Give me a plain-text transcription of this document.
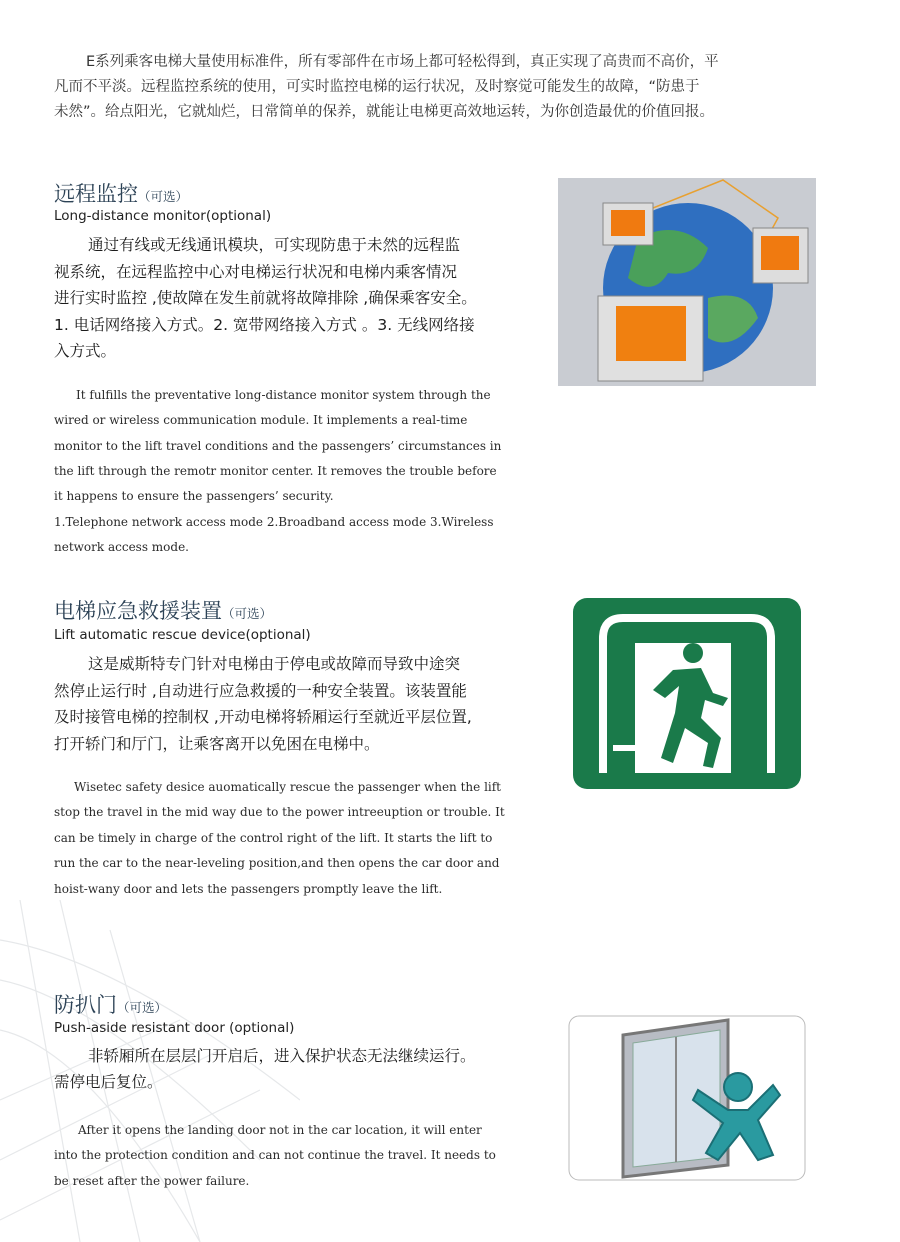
E系列乘客电梯大量使用标准件，所有零部件在市场上都可轻松得到，真正实现了高贵而不高价，平
凡而不平淡。远程监控系统的使用，可实时监控电梯的运行状况，及时察觉可能发生的故障，“防患于
未然”。给点阳光，它就灿烂，日常简单的保养，就能让电梯更高效地运转，为你创造最优的价值回报。
远程监控（可选）
Long-distance monitor(optional)
通过有线或无线通讯模块，可实现防患于未然的远程监
视系统，在远程监控中心对电梯运行状况和电梯内乘客情况
进行实时监控 ,使故障在发生前就将故障排除 ,确保乘客安全。
1. 电话网络接入方式。2. 宽带网络接入方式 。3. 无线网络接
入方式。
It fulfills the preventative long-distance monitor system through the
wired or wireless communication module. It implements a real-time
monitor to the lift travel conditions and the passengers’ circumstances in
the lift through the remotr monitor center. It removes the trouble before
it happens to ensure the passengers’ security.
1.Telephone network access mode 2.Broadband access mode 3.Wireless
network access mode.
电梯应急救援装置（可选）
Lift automatic rescue device(optional)
这是威斯特专门针对电梯由于停电或故障而导致中途突
然停止运行时 ,自动进行应急救援的一种安全装置。该装置能
及时接管电梯的控制权 ,开动电梯将轿厢运行至就近平层位置,
打开轿门和厅门，让乘客离开以免困在电梯中。
Wisetec safety desice auomatically rescue the passenger when the lift
stop the travel in the mid way due to the power intreeuption or trouble. It
can be timely in charge of the control right of the lift. It starts the lift to
run the car to the near-leveling position,and then opens the car door and
hoist-wany door and lets the passengers promptly leave the lift.
防扒门（可选）
Push-aside resistant door (optional)
非轿厢所在层层门开启后，进入保护状态无法继续运行。
需停电后复位。
After it opens the landing door not in the car location, it will enter
into the protection condition and can not continue the travel. It needs to
be reset after the power failure.
